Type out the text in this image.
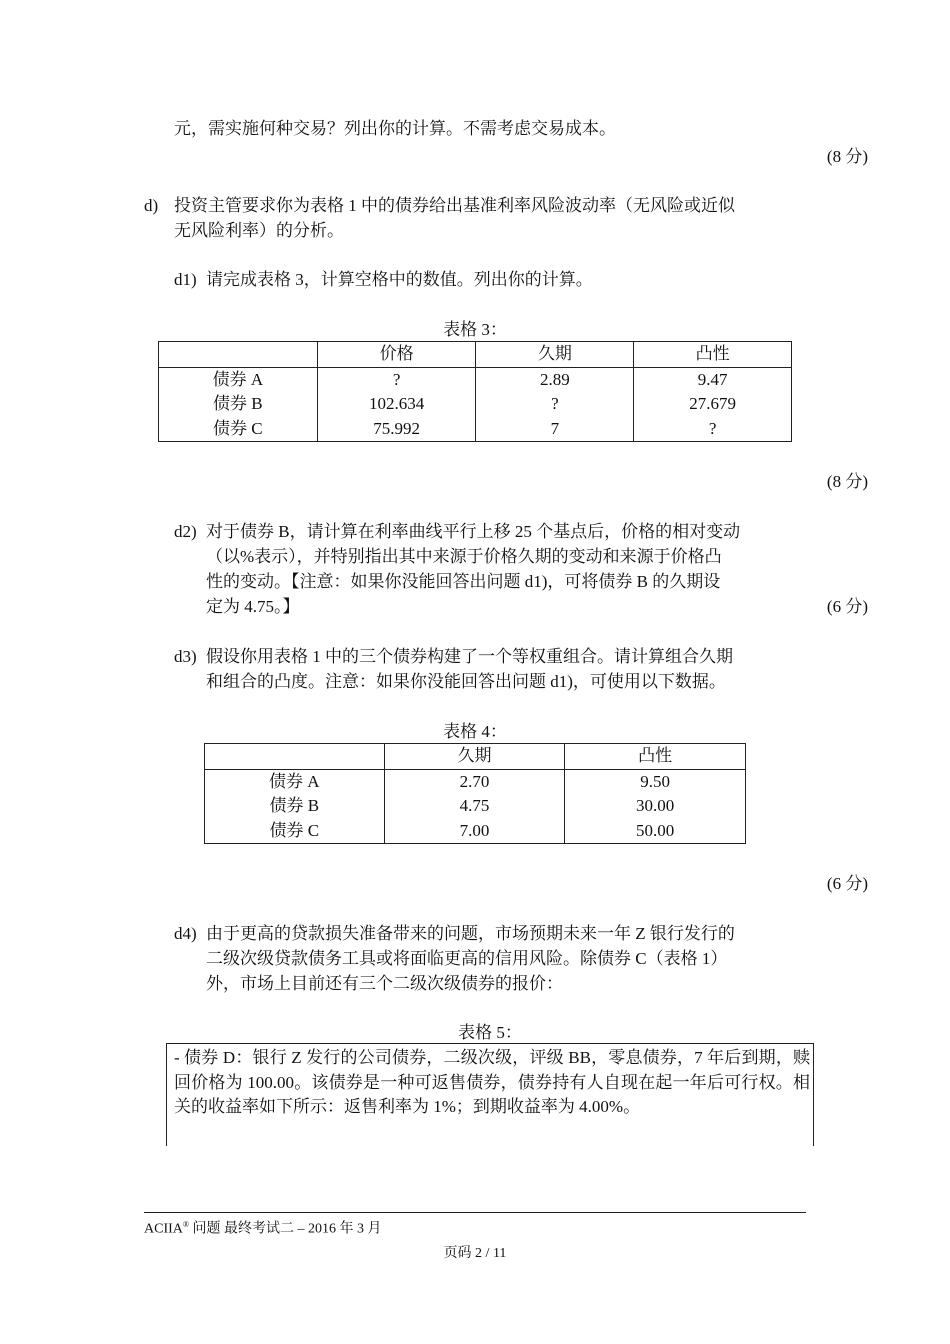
元，需实施何种交易？列出你的计算。不需考虑交易成本。
(8 分)
d) 投资主管要求你为表格 1 中的债券给出基准利率风险波动率（无风险或近似
无风险利率）的分析。
d1) 请完成表格 3，计算空格中的数值。列出你的计算。
表格 3：
	价格	久期	凸性
债券 A	?	2.89	9.47
债券 B	102.634	?	27.679
债券 C	75.992	7	?
(8 分)
d2) 对于债券 B，请计算在利率曲线平行上移 25 个基点后，价格的相对变动
（以%表示），并特别指出其中来源于价格久期的变动和来源于价格凸
性的变动。【注意：如果你没能回答出问题 d1)，可将债券 B 的久期设
定为 4.75。】	(6 分)
d3) 假设你用表格 1 中的三个债券构建了一个等权重组合。请计算组合久期
和组合的凸度。注意：如果你没能回答出问题 d1)，可使用以下数据。
表格 4：
	久期	凸性
债券 A	2.70	9.50
债券 B	4.75	30.00
债券 C	7.00	50.00
(6 分)
d4) 由于更高的贷款损失准备带来的问题，市场预期未来一年 Z 银行发行的
二级次级贷款债务工具或将面临更高的信用风险。除债券 C（表格 1）
外，市场上目前还有三个二级次级债券的报价：
表格 5：
- 债券 D：银行 Z 发行的公司债券，二级次级，评级 BB，零息债券，7 年后到期，赎回价格为 100.00。该债券是一种可返售债券，债券持有人自现在起一年后可行权。相关的收益率如下所示：返售利率为 1%；到期收益率为 4.00%。
ACIIA® 问题 最终考试二 – 2016 年 3 月
页码 2 / 11
